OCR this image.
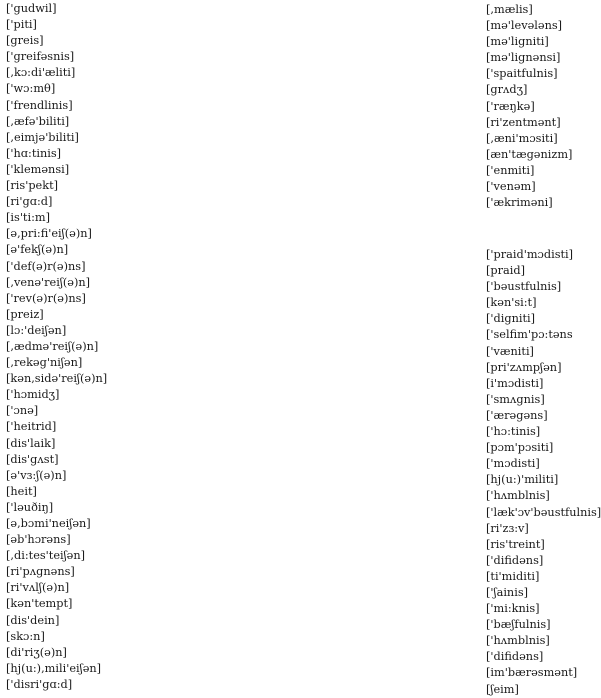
['gudwil]
['piti]
[greis]
['greifəsnis]
[,kɔ:di'æliti]
['wɔ:mθ]
['frendlinis]
[,æfə'biliti]
[,eimjə'biliti]
['hɑ:tinis]
['klemənsi]
[ris'pekt]
[ri'gɑ:d]
[is'ti:m]
[ə,pri:fi'eiʃ(ə)n]
[ə'fekʃ(ə)n]
['def(ə)r(ə)ns]
[,venə'reiʃ(ə)n]
['rev(ə)r(ə)ns]
[preiz]
[lɔ:'deiʃən]
[,ædmə'reiʃ(ə)n]
[,rekəg'niʃən]
[kən,sidə'reiʃ(ə)n]
['hɔmidʒ]
['ɔnə]
['heitrid]
[dis'laik]
[dis'gʌst]
[ə'vɜ:ʃ(ə)n]
[heit]
['ləuðiŋ]
[ə,bɔmi'neiʃən]
[əb'hɔrəns]
[,di:tes'teiʃən]
[ri'pʌgnəns]
[ri'vʌlʃ(ə)n]
[kən'tempt]
[dis'dein]
[skɔ:n]
[di'riʒ(ə)n]
[hj(u:),mili'eiʃən]
['disri'gɑ:d]
[,mælis]
[mə'levələns]
[mə'ligniti]
[mə'lignənsi]
['spaitfulnis]
[grʌdʒ]
['ræŋkə]
[ri'zentmənt]
[,æni'mɔsiti]
[æn'tægənizm]
['enmiti]
['venəm]
['ækriməni]
['praid'mɔdisti]
[praid]
['bəustfulnis]
[kən'si:t]
['digniti]
['selfim'pɔ:təns
['væniti]
[pri'zʌmpʃən]
[i'mɔdisti]
['smʌgnis]
['ærəgəns]
['hɔ:tinis]
[pɔm'pɔsiti]
['mɔdisti]
[hj(u:)'militi]
['hʌmblnis]
['læk'ɔv'bəustfulnis]
[ri'zɜ:v]
[ris'treint]
['difidəns]
[ti'miditi]
['ʃainis]
['mi:knis]
['bæʃfulnis]
['hʌmblnis]
['difidəns]
[im'bærəsmənt]
[ʃeim]
